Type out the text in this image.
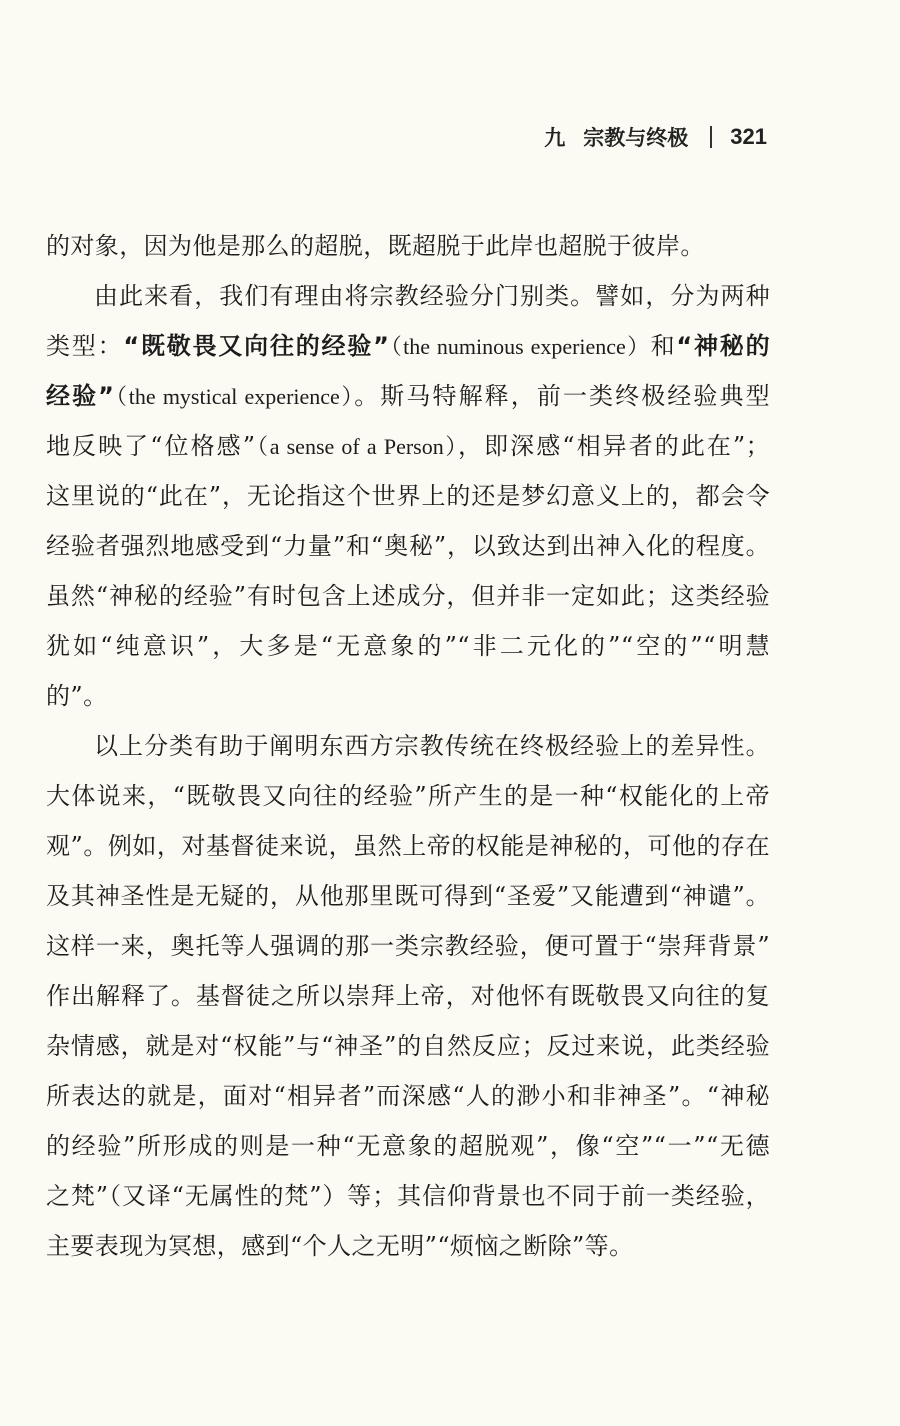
九 宗教与终极 321
的对象，因为他是那么的超脱，既超脱于此岸也超脱于彼岸。
由此来看，我们有理由将宗教经验分门别类。譬如，分为两种
类型：“既敬畏又向往的经验”（the numinous experience）和“神秘的
经验”（the mystical experience）。斯马特解释，前一类终极经验典型
地反映了“位格感”（a sense of a Person），即深感“相异者的此在”；
这里说的“此在”，无论指这个世界上的还是梦幻意义上的，都会令
经验者强烈地感受到“力量”和“奥秘”，以致达到出神入化的程度。
虽然“神秘的经验”有时包含上述成分，但并非一定如此；这类经验
犹如“纯意识”，大多是“无意象的”“非二元化的”“空的”“明慧
的”。
以上分类有助于阐明东西方宗教传统在终极经验上的差异性。
大体说来，“既敬畏又向往的经验”所产生的是一种“权能化的上帝
观”。例如，对基督徒来说，虽然上帝的权能是神秘的，可他的存在
及其神圣性是无疑的，从他那里既可得到“圣爱”又能遭到“神谴”。
这样一来，奥托等人强调的那一类宗教经验，便可置于“崇拜背景”
作出解释了。基督徒之所以崇拜上帝，对他怀有既敬畏又向往的复
杂情感，就是对“权能”与“神圣”的自然反应；反过来说，此类经验
所表达的就是，面对“相异者”而深感“人的渺小和非神圣”。“神秘
的经验”所形成的则是一种“无意象的超脱观”，像“空”“一”“无德
之梵”（又译“无属性的梵”）等；其信仰背景也不同于前一类经验，
主要表现为冥想，感到“个人之无明”“烦恼之断除”等。
